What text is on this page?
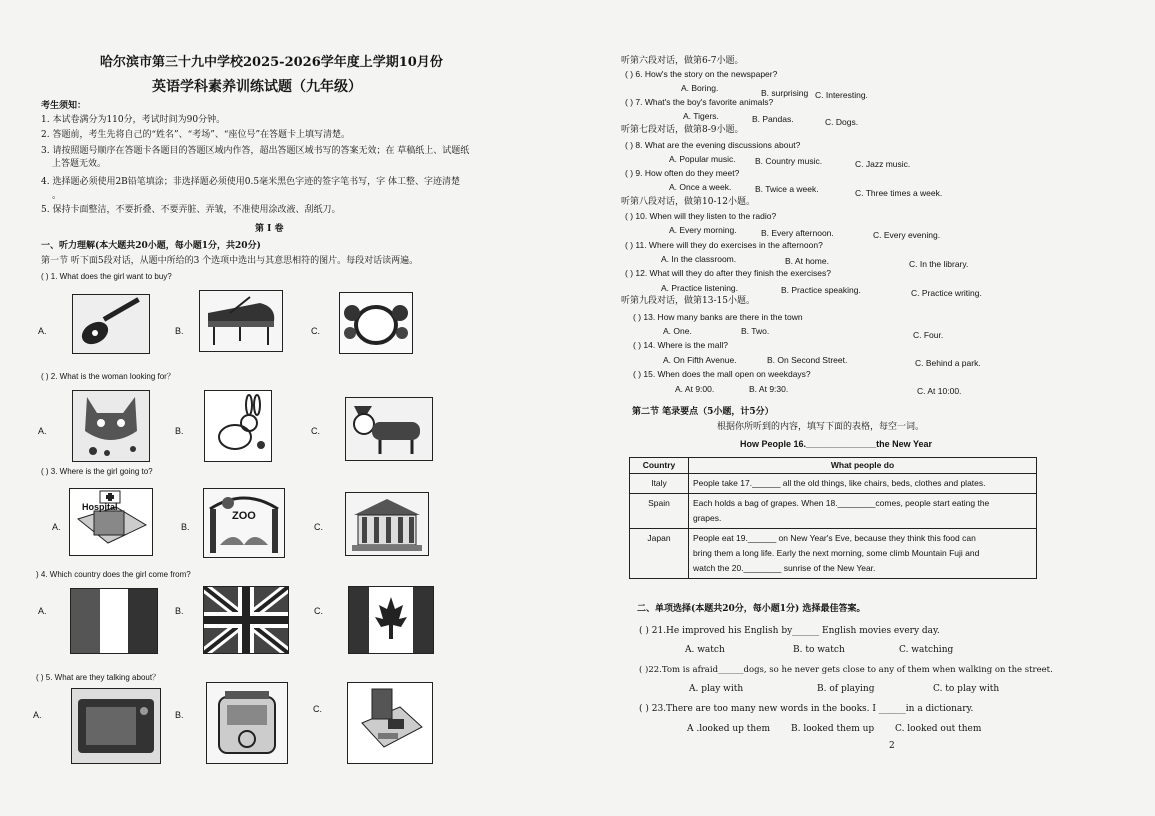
哈尔滨市第三十九中学校2025-2026学年度上学期10月份
英语学科素养训练试题（九年级）
考生须知：
1. 本试卷满分为110分，考试时间为90分钟。
2. 答题前，考生先将自己的“姓名”、“考场”、“座位号”在答题卡上填写清楚。
3. 请按照题号顺序在答题卡各题目的答题区域内作答，超出答题区域书写的答案无效；在 草稿纸上、试题纸
上答题无效。
4. 选择题必须使用2B铅笔填涂；非选择题必须使用0.5毫米黑色字迹的签字笔书写，字 体工整、字迹清楚
。
5. 保持卡面整洁，不要折叠、不要弄脏、弄皱，不准使用涂改液、刮纸刀。
第 I 卷
一、听力理解(本大题共20小题，每小题1分，共20分)
第一节 听下面5段对话，从题中所给的3 个选项中选出与其意思相符的图片。每段对话读两遍。
( ) 1. What does the girl want to buy?
A.	B.	C.
( ) 2. What is the woman looking for？
A.	B.	C.
( ) 3. Where is the girl going to?
A.
Hospital
B.
ZOO
C.
) 4. Which country does the girl come from?
A.	B.	C.
( ) 5. What are they talking about？
A.	B.
C.
听第六段对话，做第6-7小题。
( ) 6. How's the story on the newspaper?
A. Boring.	B. surprising C. Interesting.
( ) 7. What's the boy's favorite animals?
A. Tigers.	B. Pandas.	C. Dogs.
听第七段对话，做第8-9小题。
( ) 8. What are the evening discussions about?
A. Popular music. B. Country music.	C. Jazz music.
( ) 9. How often do they meet?
A. Once a week.	B. Twice a week.	C. Three times a week.
听第八段对话，做第10-12小题。
( ) 10. When will they listen to the radio?
A. Every morning.	B. Every afternoon.	C. Every evening.
( ) 11. Where will they do exercises in the afternoon?
A. In the classroom.	B. At home.	C. In the library.
( ) 12. What will they do after they finish the exercises?
A. Practice listening.	B. Practice speaking.	C. Practice writing.
听第九段对话，做第13-15小题。
( ) 13. How many banks are there in the town
A. One.	B. Two.	C. Four.
( ) 14. Where is the mall?
A. On Fifth Avenue.	B. On Second Street.	C. Behind a park.
( ) 15. When does the mall open on weekdays?
A. At 9:00.	B. At 9:30.	C. At 10:00.
第二节 笔录要点（5小题，计5分）
根据你所听到的内容，填写下面的表格，每空一词。
How People 16.______________the New Year
Country	What people do
Italy	People take 17.______ all the old things, like chairs, beds, clothes and plates.

Spain	Each holds a bag of grapes. When 18.________comes, people start eating the
grapes.

Japan	People eat 19.______ on New Year's Eve, because they think this food can
bring them a long life. Early the next morning, some climb Mountain Fuji and
watch the 20.________ sunrise of the New Year.
二、单项选择(本题共20分，每小题1分) 选择最佳答案。
( ) 21.He improved his English by______ English movies every day.
A. watch	B. to watch	C. watching
( )22.Tom is afraid______dogs, so he never gets close to any of them when walking on the street.
A. play with	B. of playing	C. to play with
( ) 23.There are too many new words in the books. I ______in a dictionary.
A .looked up them B. looked them up C. looked out them
2
